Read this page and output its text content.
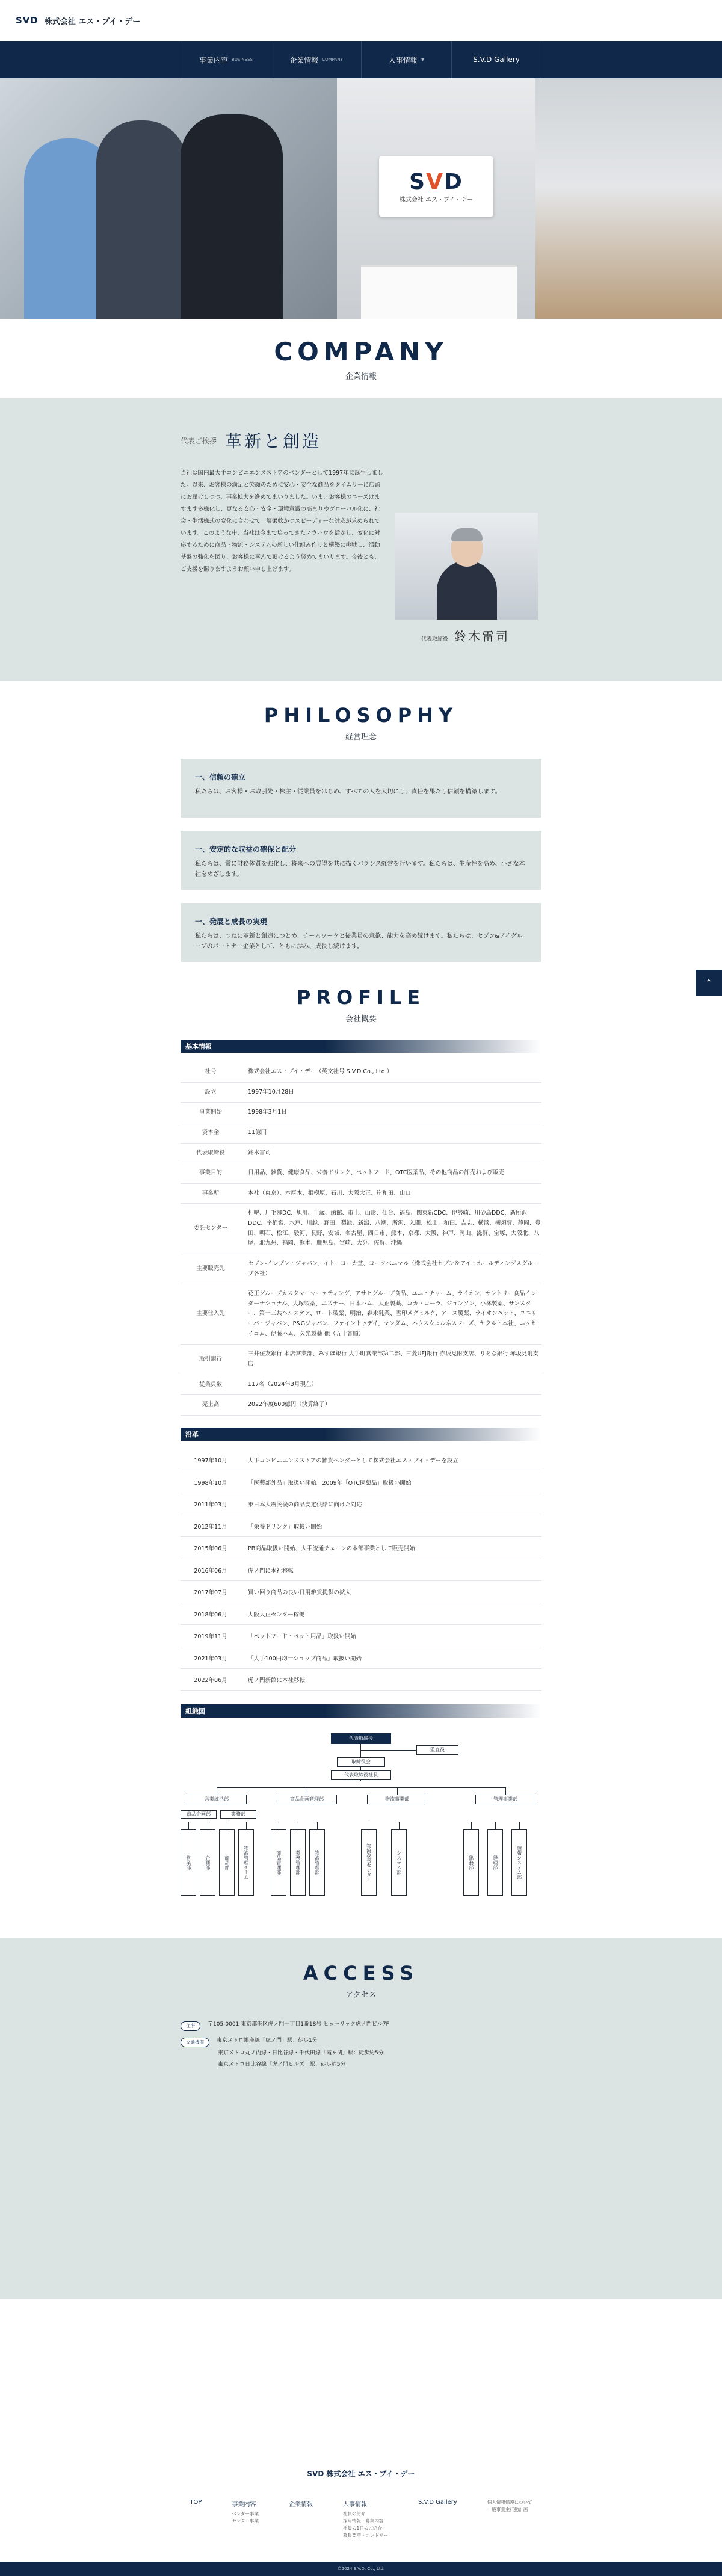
SVD 株式会社 エス・ブイ・デー
事業内容 BUSINESS	企業情報 COMPANY	人事情報 ▼	S.V.D Gallery
SVD
株式会社 エス・ブイ・デー
COMPANY
企業情報
代表ご挨拶 革新と創造

当社は国内最大手コンビニエンスストアのベンダーとして1997年に誕生しました。以来、お客様の満足と笑顔のために安心・安全な商品をタイムリーに店頭にお届けしつつ、事業拡大を進めてまいりました。いま、お客様のニーズはますます多様化し、更なる安心・安全・環境意識の高まりやグローバル化に、社会・生活様式の変化に合わせて一層柔軟かつスピーディーな対応が求められています。このような中、当社は今まで培ってきたノウハウを活かし、変化に対応するために商品・物流・システムの新しい仕組み作りと構築に挑戦し、活動基盤の強化を図り、お客様に喜んで頂けるよう努めてまいります。今後とも、ご支援を賜りますようお願い申し上げます。

代表取締役 鈴木雷司
PHILOSOPHY
経営理念
一、信頼の確立

私たちは、お客様・お取引先・株主・従業員をはじめ、すべての人を大切にし、責任を果たし信頼を構築します。

一、安定的な収益の確保と配分

私たちは、常に財務体質を強化し、将来への展望を共に描くバランス経営を行います。私たちは、生産性を高め、小さな本社をめざします。

一、発展と成長の実現

私たちは、つねに革新と創造につとめ、チームワークと従業員の意欲、能力を高め続けます。私たちは、セブン&アイグループのパートナー企業として、ともに歩み、成長し続けます。

PROFILE
会社概要
基本情報
社号	株式会社エス・ブイ・デー（英文社号 S.V.D Co., Ltd.）
設立	1997年10月28日
事業開始	1998年3月1日
資本金	11億円
代表取締役	鈴木雷司
事業目的	日用品、雑貨、健康食品、栄養ドリンク、ペットフード、OTC医薬品、その他商品の卸売および販売
事業所	本社（東京）、本厚木、相模原、石川、大阪大正、岸和田、山口
委託センター	札幌、川毛郷DC、旭川、千歳、函館、市上、山形、仙台、福島、関東新CDC、伊勢崎、川砂島DDC、新所沢DDC、宇都宮、水戸、川越、野田、梨池、新潟、八潮、所沢、入間、松山、和田、吉志、横浜、横須賀、静岡、豊田、明石、松江、駿河、長野、安城、名古屋、四日市、熊本、京都、大阪、神戸、岡山、滋賀、宝塚、大阪北、八尾、北九州、福岡、熊本、鹿児島、宮崎、大分、佐賀、沖縄
主要販売先	セブン-イレブン・ジャパン、イトーヨーカ堂、ヨークベニマル（株式会社セブン＆アイ・ホールディングスグループ各社）
主要仕入先	花王グループカスタマーマーケティング、アサヒグループ食品、ユニ・チャーム、ライオン、サントリー食品インターナショナル、大塚製薬、エステー、日本ハム、大正製薬、コカ・コーラ、ジョンソン、小林製薬、サンスター、第一三共ヘルスケア、ロート製薬、明治、森永乳業、雪印メグミルク、アース製薬、ライオンペット、ユニリーバ・ジャパン、P&Gジャパン、ファイントゥデイ、マンダム、ハウスウェルネスフーズ、ヤクルト本社、ニッセイコム、伊藤ハム、久光製薬 他（五十音順）
取引銀行	三井住友銀行 本店営業部、みずほ銀行 大手町営業部第二部、三菱UFJ銀行 赤坂見附支店、りそな銀行 赤坂見附支店
従業員数	117名（2024年3月現在）
売上高	2022年度600億円（決算終了）
沿革
1997年10月	大手コンビニエンスストアの雑貨ベンダーとして株式会社エス・ブイ・デーを設立
1998年10月	「医薬部外品」取扱い開始。2009年「OTC医薬品」取扱い開始
2011年03月	東日本大震災後の商品安定供給に向けた対応
2012年11月	「栄養ドリンク」取扱い開始
2015年06月	PB商品取扱い開始、大手流通チェーンの本部事業として販売開始
2016年06月	虎ノ門に本社移転
2017年07月	買い回り商品の良い日用雑貨提供の拡大
2018年06月	大阪大正センター稼働
2019年11月	「ペットフード・ペット用品」取扱い開始
2021年03月	「大手100円均一ショップ商品」取扱い開始
2022年06月	虎ノ門新館に本社移転
組織図
代表取締役
監査役
取締役会
代表取締役社長
営業統括部	商品企画管理部	物流事業部	管理事業部
商品企画部	業務部
営業部	企画部	商品部	物流管理チーム	商品管理部	業務管理部	物流管理部	物流改善センター	システム部	総務部	経理部	情報システム部
ACCESS
アクセス
住所	〒105-0001 東京都港区虎ノ門一丁目1番18号 ヒューリック虎ノ門ビル7F
交通機関	東京メトロ銀座線「虎ノ門」駅：徒歩1分
東京メトロ丸ノ内線・日比谷線・千代田線「霞ヶ関」駅：徒歩約5分
東京メトロ日比谷線「虎ノ門ヒルズ」駅：徒歩約5分
SVD 株式会社 エス・ブイ・デー
TOP	事業内容
ベンダー事業
センター事業
企業情報	人事情報
社員の紹介
採用情報・募集内容
社員の1日のご紹介
募集要項・エントリー
S.V.D Gallery	個人情報保護について
一般事業主行動計画
©2024 S.V.D. Co., Ltd.
⌃
